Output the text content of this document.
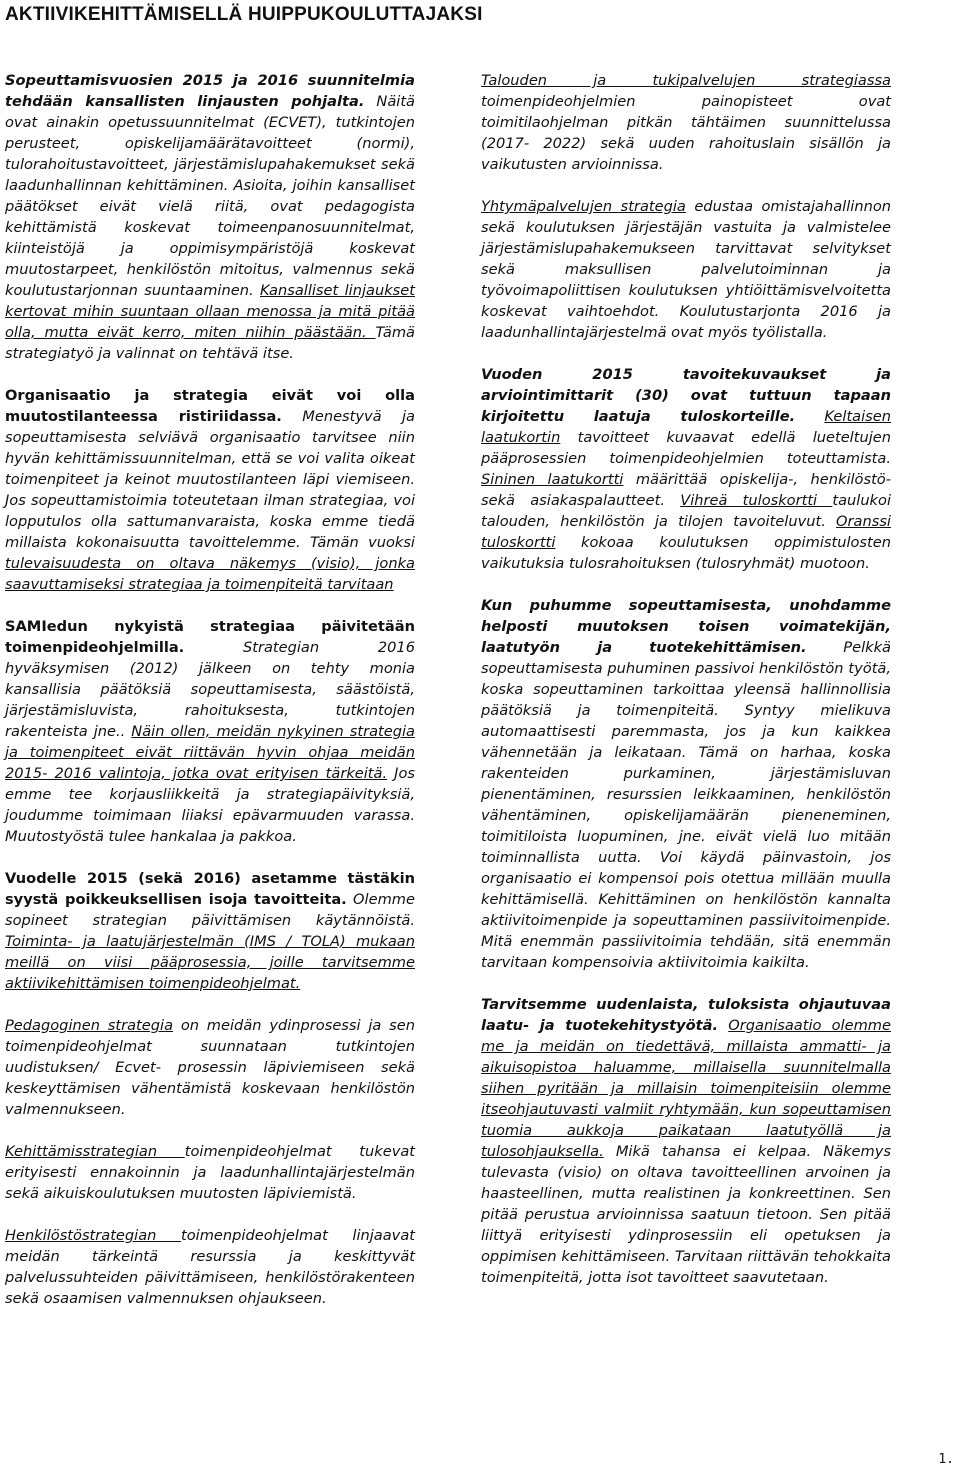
AKTIIVIKEHITTÄMISELLÄ HUIPPUKOULUTTAJAKSI

Sopeuttamisvuosien 2015 ja 2016 suunnitelmia tehdään kansallisten linjausten pohjalta. Näitä ovat ainakin opetussuunnitelmat (ECVET), tutkintojen perusteet, opiskelijamäärätavoitteet (normi), tulorahoitustavoitteet, järjestämislupahakemukset sekä laadunhallinnan kehittäminen. Asioita, joihin kansalliset päätökset eivät vielä riitä, ovat pedagogista kehittämistä koskevat toimeenpanosuunnitelmat, kiinteistöjä ja oppimisympäristöjä koskevat muutostarpeet, henkilöstön mitoitus, valmennus sekä koulutustarjonnan suuntaaminen. Kansalliset linjaukset kertovat mihin suuntaan ollaan menossa ja mitä pitää olla, mutta eivät kerro, miten niihin päästään. Tämä strategiatyö ja valinnat on tehtävä itse.

Organisaatio ja strategia eivät voi olla muutostilanteessa ristiriidassa. Menestyvä ja sopeuttamisesta selviävä organisaatio tarvitsee niin hyvän kehittämissuunnitelman, että se voi valita oikeat toimenpiteet ja keinot muutostilanteen läpi viemiseen. Jos sopeuttamistoimia toteutetaan ilman strategiaa, voi lopputulos olla sattumanvaraista, koska emme tiedä millaista kokonaisuutta tavoittelemme. Tämän vuoksi tulevaisuudesta on oltava näkemys (visio), jonka saavuttamiseksi strategiaa ja toimenpiteitä tarvitaan

SAMIedun nykyistä strategiaa päivitetään toimenpideohjelmilla. Strategian 2016 hyväksymisen (2012) jälkeen on tehty monia kansallisia päätöksiä sopeuttamisesta, säästöistä, järjestämisluvista, rahoituksesta, tutkintojen rakenteista jne.. Näin ollen, meidän nykyinen strategia ja toimenpiteet eivät riittävän hyvin ohjaa meidän 2015- 2016 valintoja, jotka ovat erityisen tärkeitä. Jos emme tee korjausliikkeitä ja strategiapäivityksiä, joudumme toimimaan liiaksi epävarmuuden varassa. Muutostyöstä tulee hankalaa ja pakkoa.

Vuodelle 2015 (sekä 2016) asetamme tästäkin syystä poikkeuksellisen isoja tavoitteita. Olemme sopineet strategian päivittämisen käytännöistä. Toiminta- ja laatujärjestelmän (IMS / TOLA) mukaan meillä on viisi pääprosessia, joille tarvitsemme aktiivikehittämisen toimenpideohjelmat.

Pedagoginen strategia on meidän ydinprosessi ja sen toimenpideohjelmat suunnataan tutkintojen uudistuksen/ Ecvet- prosessin läpiviemiseen sekä keskeyttämisen vähentämistä koskevaan henkilöstön valmennukseen.

Kehittämisstrategian toimenpideohjelmat tukevat erityisesti ennakoinnin ja laadunhallintajärjestelmän sekä aikuiskoulutuksen muutosten läpiviemistä.

Henkilöstöstrategian toimenpideohjelmat linjaavat meidän tärkeintä resurssia ja keskittyvät palvelussuhteiden päivittämiseen, henkilöstörakenteen sekä osaamisen valmennuksen ohjaukseen.

Talouden ja tukipalvelujen strategiassa toimenpideohjelmien painopisteet ovat toimitilaohjelman pitkän tähtäimen suunnittelussa (2017- 2022) sekä uuden rahoituslain sisällön ja vaikutusten arvioinnissa.

Yhtymäpalvelujen strategia edustaa omistajahallinnon sekä koulutuksen järjestäjän vastuita ja valmistelee järjestämislupahakemukseen tarvittavat selvitykset sekä maksullisen palvelutoiminnan ja työvoimapoliittisen koulutuksen yhtiöittämisvelvoitetta koskevat vaihtoehdot. Koulutustarjonta 2016 ja laadunhallintajärjestelmä ovat myös työlistalla.

Vuoden 2015 tavoitekuvaukset ja arviointimittarit (30) ovat tuttuun tapaan kirjoitettu laatuja tuloskorteille. Keltaisen laatukortin tavoitteet kuvaavat edellä lueteltujen pääprosessien toimenpideohjelmien toteuttamista. Sininen laatukortti määrittää opiskelija-, henkilöstö- sekä asiakaspalautteet. Vihreä tuloskortti taulukoi talouden, henkilöstön ja tilojen tavoiteluvut. Oranssi tuloskortti kokoaa koulutuksen oppimistulosten vaikutuksia tulosrahoituksen (tulosryhmät) muotoon.

Kun puhumme sopeuttamisesta, unohdamme helposti muutoksen toisen voimatekijän, laatutyön ja tuotekehittämisen. Pelkkä sopeuttamisesta puhuminen passivoi henkilöstön työtä, koska sopeuttaminen tarkoittaa yleensä hallinnollisia päätöksiä ja toimenpiteitä. Syntyy mielikuva automaattisesti paremmasta, jos ja kun kaikkea vähennetään ja leikataan. Tämä on harhaa, koska rakenteiden purkaminen, järjestämisluvan pienentäminen, resurssien leikkaaminen, henkilöstön vähentäminen, opiskelijamäärän pieneneminen, toimitiloista luopuminen, jne. eivät vielä luo mitään toiminnallista uutta. Voi käydä päinvastoin, jos organisaatio ei kompensoi pois otettua millään muulla kehittämisellä. Kehittäminen on henkilöstön kannalta aktiivitoimenpide ja sopeuttaminen passiivitoimenpide. Mitä enemmän passiivitoimia tehdään, sitä enemmän tarvitaan kompensoivia aktiivitoimia kaikilta.

Tarvitsemme uudenlaista, tuloksista ohjautuvaa laatu- ja tuotekehitystyötä. Organisaatio olemme me ja meidän on tiedettävä, millaista ammatti- ja aikuisopistoa haluamme, millaisella suunnitelmalla siihen pyritään ja millaisin toimenpiteisiin olemme itseohjautuvasti valmiit ryhtymään, kun sopeuttamisen tuomia aukkoja paikataan laatutyöllä ja tulosohjauksella. Mikä tahansa ei kelpaa. Näkemys tulevasta (visio) on oltava tavoitteellinen arvoinen ja haasteellinen, mutta realistinen ja konkreettinen. Sen pitää perustua arvioinnissa saatuun tietoon. Sen pitää liittyä erityisesti ydinprosessiin eli opetuksen ja oppimisen kehittämiseen. Tarvitaan riittävän tehokkaita toimenpiteitä, jotta isot tavoitteet saavutetaan.

1.
